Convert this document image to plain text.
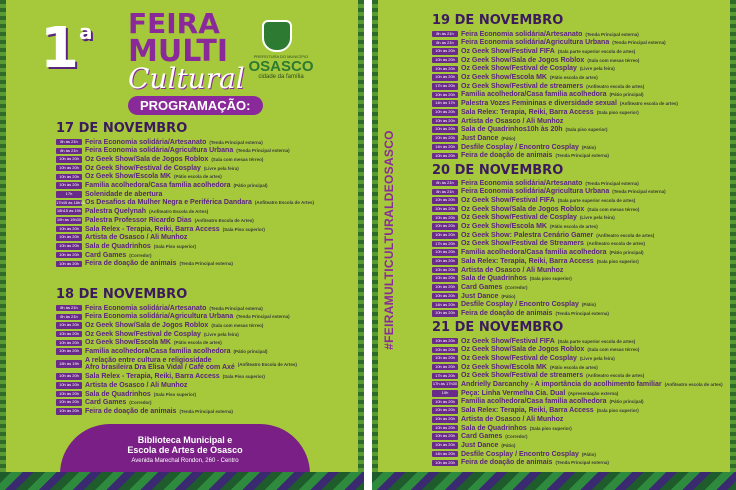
1$^a$ FEIRA
MULTI
Cultural
PREFEITURA DO MUNICÍPIO
OSASCO
cidade da família
PROGRAMAÇÃO:
17 DE NOVEMBRO
8h às 21h	Feira Economia solidária/Artesanato (Tenda Principal externa)
8h às 21h	Feira Economia solidária/Agricultura Urbana (Tenda Principal externa)
10h às 20h Oz Geek Show/Sala de Jogos Roblox (Sala com mesas térreo)
10h às 20h Oz Geek Show/Festival de Cosplay (Livre pela feira)
10h às 20h Oz Geek Show/Escola MK (Pátio escola de artes)
10h às 20h Familia acolhedora/Casa familia acolhedora (Pátio principal)
17h	Solenidade de abertura
17h45 às 18h15 Os Desafios da Mulher Negra e Periférica Dandara (Anfiteatro Escola de Artes)
18h15 às 19h Palestra Quelynah (Anfiteatro Escola de Artes)
19h às 19h30 Palestra Professor Ricardo Dias (Anfiteatro Escola de Artes)
10h às 20h Sala Relex - Terapia, Reiki, Barra Access (Sala Piso superior)
10h às 20h Artista de Osasco / Ali Munhoz
10h às 20h Sala de Quadrinhos (Sala Piso superior)
10h às 20h Card Games (Corredor)
10h às 20h Feira de doação de animais (Tenda Principal externa)
18 DE NOVEMBRO
8h às 21h	Feira Economia solidária/Artesanato (Tenda Principal externa)
8h às 21h	Feira Economia solidária/Agricultura Urbana (Tenda Principal externa)
10h às 20h Oz Geek Show/Sala de Jogos Roblox (Sala com mesas térreo)
10h às 20h Oz Geek Show/Festival de Cosplay (Livre pela feira)
10h às 20h Oz Geek Show/Escola MK (Pátio escola de artes)
10h às 20h Familia acolhedora/Casa familia acolhedora (Pátio principal)
18h às 19h A relação entre cultura e religiosidade
Afro brasileira Dra Elisa Vidal / Café com Axé (Anfiteatro Escola de Artes)
10h às 20h Sala Relex - Terapia, Reiki, Barra Access (Sala Piso superior)
10h às 20h Artista de Osasco / Ali Munhoz
10h às 20h Sala de Quadrinhos (Sala Piso superior)
10h às 20h Card Games (Corredor)
10h às 20h Feira de doação de animais (Tenda Principal externa)
Biblioteca Municipal e
Escola de Artes de Osasco
Avenida Marechal Rondon, 260 - Centro
#FEIRAMULTICULTURALDEOSASCO
19 DE NOVEMBRO
8h às 21h	Feira Economia solidária/Artesanato (Tenda Principal externa)
8h às 21h	Feira Economia solidária/Agricultura Urbana (Tenda Principal externa)
10h às 20h Oz Geek Show/Festival FIFA (Sala parte superior escola de artes)
10h às 20h Oz Geek Show/Sala de Jogos Roblox (Sala com mesas térreo)
10h às 20h Oz Geek Show/Festival de Cosplay (Livre pela feira)
10h às 20h Oz Geek Show/Escola MK (Pátio escola de artes)
17h às 20h Oz Geek Show/Festival de streamers (Anfiteatro escola de artes)
10h às 20h Familia acolhedora/Casa familia acolhedora (Pátio principal)
14h às 17h Palestra Vozes Femininas e diversidade sexual (Anfiteatro escola de artes)
10h às 20h Sala Relex: Terapia, Reiki, Barra Access (Sala piso superior)
10h às 20h Artista de Osasco / Ali Munhoz
10h às 20h Sala de Quadrinhos10h às 20h (Sala piso superior)
10h às 20h Just Dance (Pátio)
14h às 20h Desfile Cosplay / Encontro Cosplay (Pátio)
10h às 20h Feira de doação de animais (Tenda Principal externa)
20 DE NOVEMBRO
8h às 21h	Feira Economia solidária/Artesanato (Tenda Principal externa)
8h às 21h	Feira Economia solidária/Agricultura Urbana (Tenda Principal externa)
10h às 20h Oz Geek Show/Festival FIFA (Sala parte superior escola de artes)
10h às 20h Oz Geek Show/Sala de Jogos Roblox (Sala com mesas térreo)
10h às 20h Oz Geek Show/Festival de Cosplay (Livre pela feira)
10h às 20h Oz Geek Show/Escola MK (Pátio escola de artes)
10h às 20h Oz Geek Show: Palestra Cenário Gamer (Anfiteatro escola de artes)
17h às 20h Oz Geek Show/Festival de Streamers (Anfiteatro escola de artes)
10h às 20h Familia acolhedora/Casa familia acolhedora (Pátio principal)
10h às 20h Sala Relex: Terapia, Reiki, Barra Access (Sala piso superior)
10h às 20h Artista de Osasco / Ali Munhoz
10h às 20h Sala de Quadrinhos (Sala piso superior)
10h às 20h Card Games (Corredor)
10h às 20h Just Dance (Pátio)
14h às 20h Desfile Cosplay / Encontro Cosplay (Pátio)
10h às 20h Feira de doação de animais (Tenda Principal externa)
21 DE NOVEMBRO
10h às 20h Oz Geek Show/Festival FIFA (Sala parte superior escola de artes)
10h às 20h Oz Geek Show/Sala de Jogos Roblox (Sala com mesas térreo)
10h às 20h Oz Geek Show/Festival de Cosplay (Livre pela feira)
10h às 20h Oz Geek Show/Escola MK (Pátio escola de artes)
17h às 20h Oz Geek Show/Festival de streamers (Anfiteatro escola de artes)
17h às 17h30 Andrielly Darcanchy - A importância do acolhimento familiar (Anfiteatro escola de artes)
19h	Peça: Linha Vermelha Cia. Dual (Apresentação externa)
10h às 20h Familia acolhedora/Casa familia acolhedora (Pátio principal)
10h às 20h Sala Relex: Terapia, Reiki, Barra Access (Sala piso superior)
10h às 20h Artista de Osasco / Ali Munhoz
10h às 20h Sala de Quadrinhos (Sala piso superior)
10h às 20h Card Games (Corredor)
10h às 20h Just Dance (Pátio)
14h às 20h Desfile Cosplay / Encontro Cosplay (Pátio)
10h às 20h Feira de doação de animais (Tenda Principal externa)
